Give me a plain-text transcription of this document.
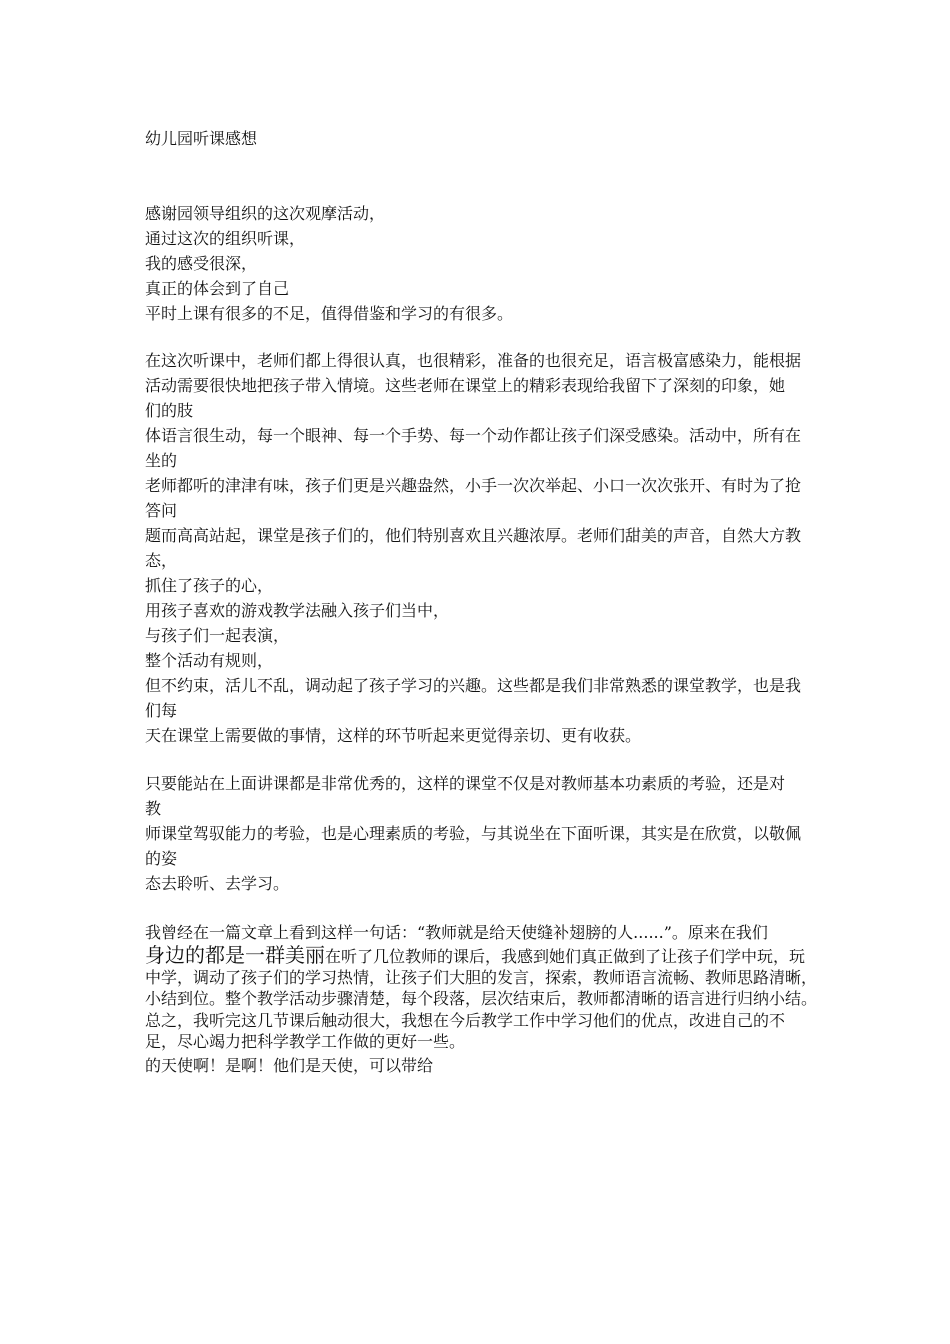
幼儿园听课感想
感谢园领导组织的这次观摩活动，
通过这次的组织听课，
我的感受很深，
真正的体会到了自己
平时上课有很多的不足，值得借鉴和学习的有很多。
在这次听课中，老师们都上得很认真，也很精彩，准备的也很充足，语言极富感染力，能根据
活动需要很快地把孩子带入情境。这些老师在课堂上的精彩表现给我留下了深刻的印象，她
们的肢
体语言很生动，每一个眼神、每一个手势、每一个动作都让孩子们深受感染。活动中，所有在
坐的
老师都听的津津有味，孩子们更是兴趣盎然，小手一次次举起、小口一次次张开、有时为了抢
答问
题而高高站起，课堂是孩子们的，他们特别喜欢且兴趣浓厚。老师们甜美的声音，自然大方教
态，
抓住了孩子的心，
用孩子喜欢的游戏教学法融入孩子们当中，
与孩子们一起表演，
整个活动有规则，
但不约束，活儿不乱，调动起了孩子学习的兴趣。这些都是我们非常熟悉的课堂教学，也是我
们每
天在课堂上需要做的事情，这样的环节听起来更觉得亲切、更有收获。
只要能站在上面讲课都是非常优秀的，这样的课堂不仅是对教师基本功素质的考验，还是对
教
师课堂驾驭能力的考验，也是心理素质的考验，与其说坐在下面听课，其实是在欣赏，以敬佩
的姿
态去聆听、去学习。
我曾经在一篇文章上看到这样一句话：“教师就是给天使缝补翅膀的人......”。原来在我们
身边的都是一群美丽在听了几位教师的课后，我感到她们真正做到了让孩子们学中玩，玩
中学，调动了孩子们的学习热情，让孩子们大胆的发言，探索，教师语言流畅、教师思路清晰，
小结到位。整个教学活动步骤清楚，每个段落，层次结束后，教师都清晰的语言进行归纳小结。
总之，我听完这几节课后触动很大，我想在今后教学工作中学习他们的优点，改进自己的不
足，尽心竭力把科学教学工作做的更好一些。
的天使啊！是啊！他们是天使，可以带给
